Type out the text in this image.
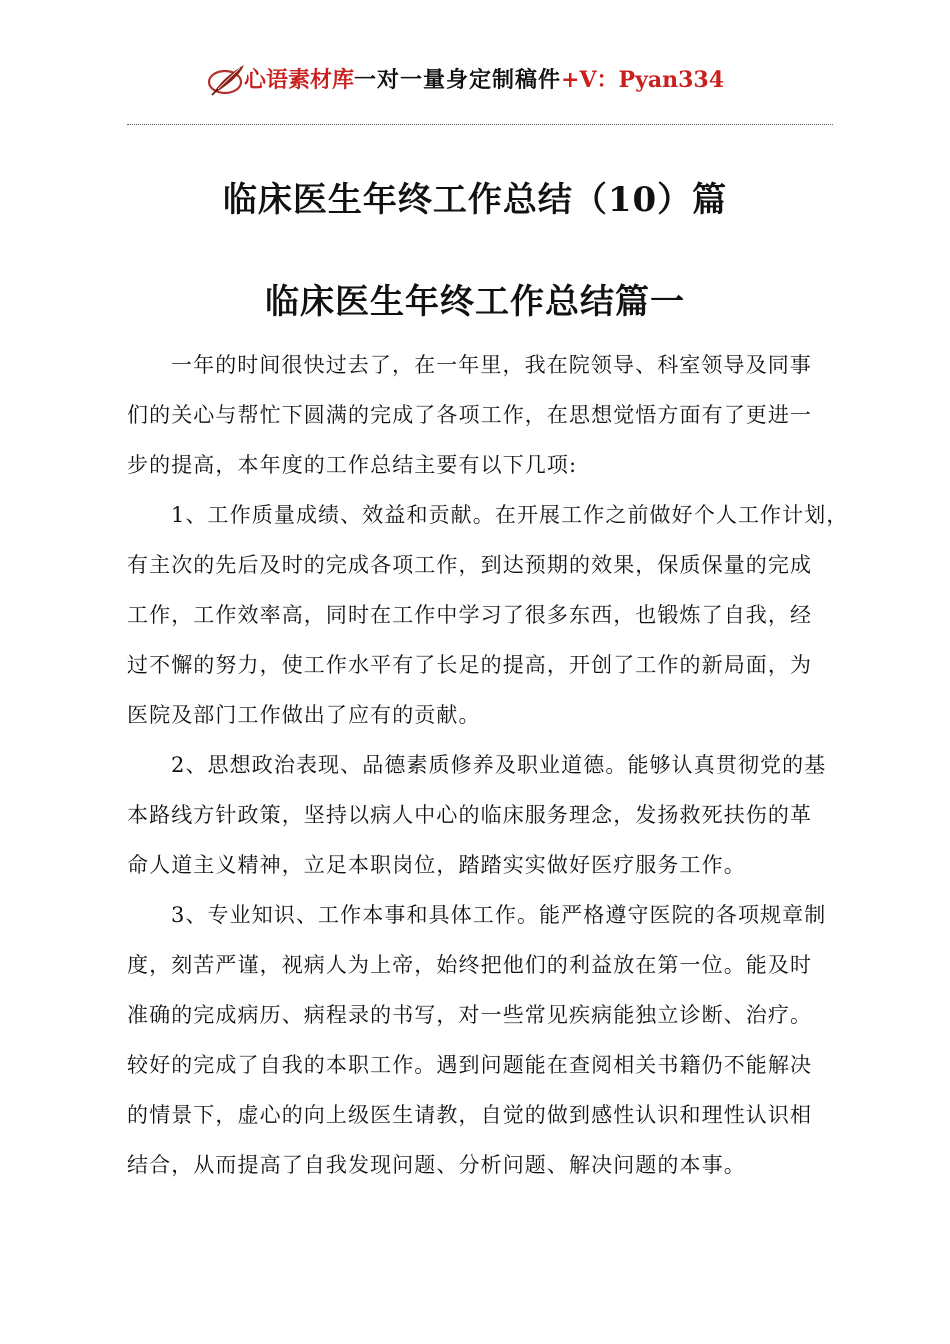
心语素材库一对一量身定制稿件+V：Pyan334
临床医生年终工作总结（10）篇
临床医生年终工作总结篇一
一年的时间很快过去了，在一年里，我在院领导、科室领导及同事
们的关心与帮忙下圆满的完成了各项工作，在思想觉悟方面有了更进一
步的提高，本年度的工作总结主要有以下几项:
1、工作质量成绩、效益和贡献。在开展工作之前做好个人工作计划，
有主次的先后及时的完成各项工作，到达预期的效果，保质保量的完成
工作，工作效率高，同时在工作中学习了很多东西，也锻炼了自我，经
过不懈的努力，使工作水平有了长足的提高，开创了工作的新局面，为
医院及部门工作做出了应有的贡献。
2、思想政治表现、品德素质修养及职业道德。能够认真贯彻党的基
本路线方针政策，坚持以病人中心的临床服务理念，发扬救死扶伤的革
命人道主义精神，立足本职岗位，踏踏实实做好医疗服务工作。
3、专业知识、工作本事和具体工作。能严格遵守医院的各项规章制
度，刻苦严谨，视病人为上帝，始终把他们的利益放在第一位。能及时
准确的完成病历、病程录的书写，对一些常见疾病能独立诊断、治疗。
较好的完成了自我的本职工作。遇到问题能在查阅相关书籍仍不能解决
的情景下，虚心的向上级医生请教，自觉的做到感性认识和理性认识相
结合，从而提高了自我发现问题、分析问题、解决问题的本事。
